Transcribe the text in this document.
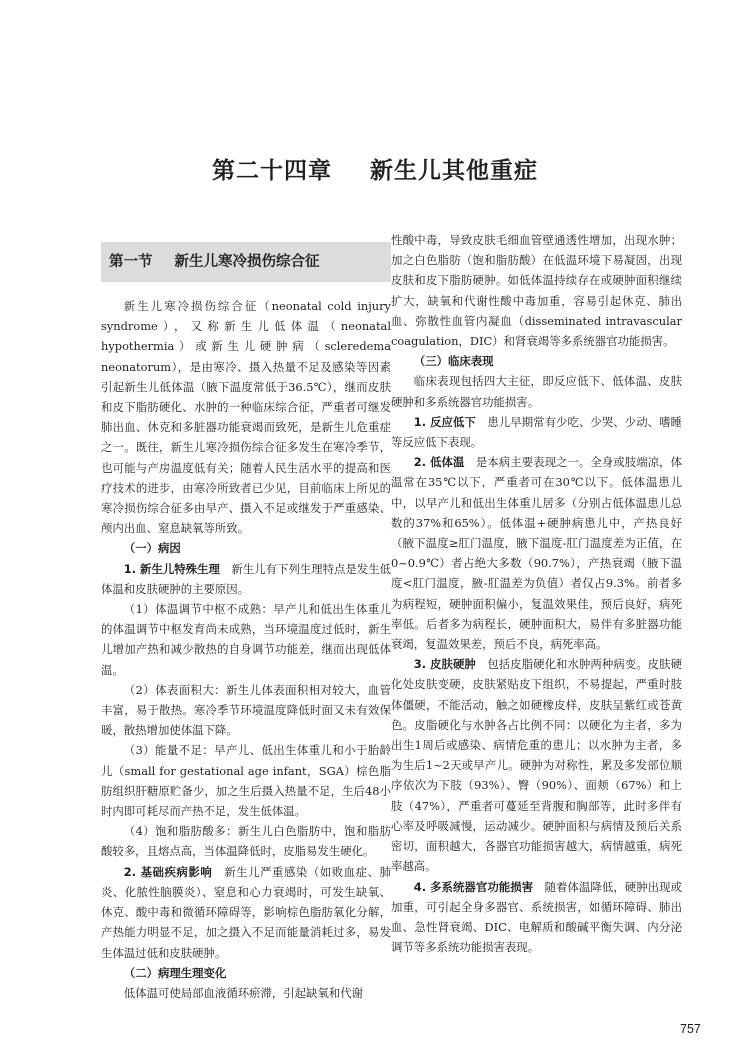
第二十四章 新生儿其他重症
第一节 新生儿寒冷损伤综合征

新生儿寒冷损伤综合征（neonatal cold injury syndrome），又称新生儿低体温（neonatal hypothermia）或新生儿硬肿病（scleredema neonatorum），是由寒冷、摄入热量不足及感染等因素引起新生儿低体温（腋下温度常低于36.5℃），继而皮肤和皮下脂肪硬化、水肿的一种临床综合征，严重者可继发肺出血、休克和多脏器功能衰竭而致死，是新生儿危重症之一。既往，新生儿寒冷损伤综合征多发生在寒冷季节，也可能与产房温度低有关；随着人民生活水平的提高和医疗技术的进步，由寒冷所致者已少见，目前临床上所见的寒冷损伤综合征多由早产、摄入不足或继发于严重感染、颅内出血、窒息缺氧等所致。

（一）病因

1. 新生儿特殊生理　 新生儿有下列生理特点是发生低体温和皮肤硬肿的主要原因。

（1）体温调节中枢不成熟：早产儿和低出生体重儿的体温调节中枢发育尚未成熟，当环境温度过低时，新生儿增加产热和减少散热的自身调节功能差，继而出现低体温。

（2）体表面积大：新生儿体表面积相对较大，血管丰富，易于散热。寒冷季节环境温度降低时面又未有效保暖，散热增加使体温下降。

（3）能量不足：早产儿、低出生体重儿和小于胎龄儿（small for gestational age infant，SGA）棕色脂肪组织肝糖原贮备少，加之生后摄入热量不足，生后48小时内即可耗尽而产热不足，发生低体温。

（4）饱和脂肪酸多：新生儿白色脂肪中，饱和脂肪酸较多，且熔点高，当体温降低时，皮脂易发生硬化。

2. 基础疾病影响　 新生儿严重感染（如败血症、肺炎、化脓性脑膜炎）、窒息和心力衰竭时，可发生缺氧、休克、酸中毒和微循环障碍等，影响棕色脂肪氧化分解，产热能力明显不足，加之摄入不足而能量消耗过多，易发生体温过低和皮肤硬肿。

（二）病理生理变化

低体温可使局部血液循环瘀滞，引起缺氧和代谢

性酸中毒，导致皮肤毛细血管壁通透性增加，出现水肿；加之白色脂肪（饱和脂肪酸）在低温环境下易凝固，出现皮肤和皮下脂肪硬肿。如低体温持续存在或硬肿面积继续扩大，缺氧和代谢性酸中毒加重，容易引起休克、肺出血、弥散性血管内凝血（disseminated intravascular coagulation，DIC）和肾衰竭等多系统器官功能损害。

（三）临床表现

临床表现包括四大主征，即反应低下、低体温、皮肤硬肿和多系统器官功能损害。

1. 反应低下　 患儿早期常有少吃、少哭、少动、嗜睡等反应低下表现。

2. 低体温　 是本病主要表现之一。全身或肢端凉，体温常在35℃以下，严重者可在30℃以下。低体温患儿中，以早产儿和低出生体重儿居多（分别占低体温患儿总数的37%和65%）。低体温+硬肿病患儿中，产热良好（腋下温度≥肛门温度，腋下温度-肛门温度差为正值，在0~0.9℃）者占绝大多数（90.7%），产热衰竭（腋下温度<肛门温度，腋-肛温差为负值）者仅占9.3%。前者多为病程短，硬肿面积偏小，复温效果佳，预后良好，病死率低。后者多为病程长，硬肿面积大，易伴有多脏器功能衰竭，复温效果差，预后不良，病死率高。

3. 皮肤硬肿　 包括皮脂硬化和水肿两种病变。皮肤硬化处皮肤变硬，皮肤紧贴皮下组织，不易提起，严重时肢体僵硬，不能活动，触之如硬橡皮样，皮肤呈紫红或苍黄色。皮脂硬化与水肿各占比例不同：以硬化为主者，多为出生1周后或感染、病情危重的患儿；以水肿为主者，多为生后1~2天或早产儿。硬肿为对称性，累及多发部位顺序依次为下肢（93%）、臀（90%）、面颊（67%）和上肢（47%），严重者可蔓延至背腹和胸部等，此时多伴有心率及呼吸减慢，运动减少。硬肿面积与病情及预后关系密切，面积越大，各器官功能损害越大，病情越重，病死率越高。

4. 多系统器官功能损害　 随着体温降低，硬肿出现或加重，可引起全身多器官、系统损害，如循环障碍、肺出血、急性肾衰竭、DIC、电解质和酸碱平衡失调、内分泌调节等多系统功能损害表现。

757
